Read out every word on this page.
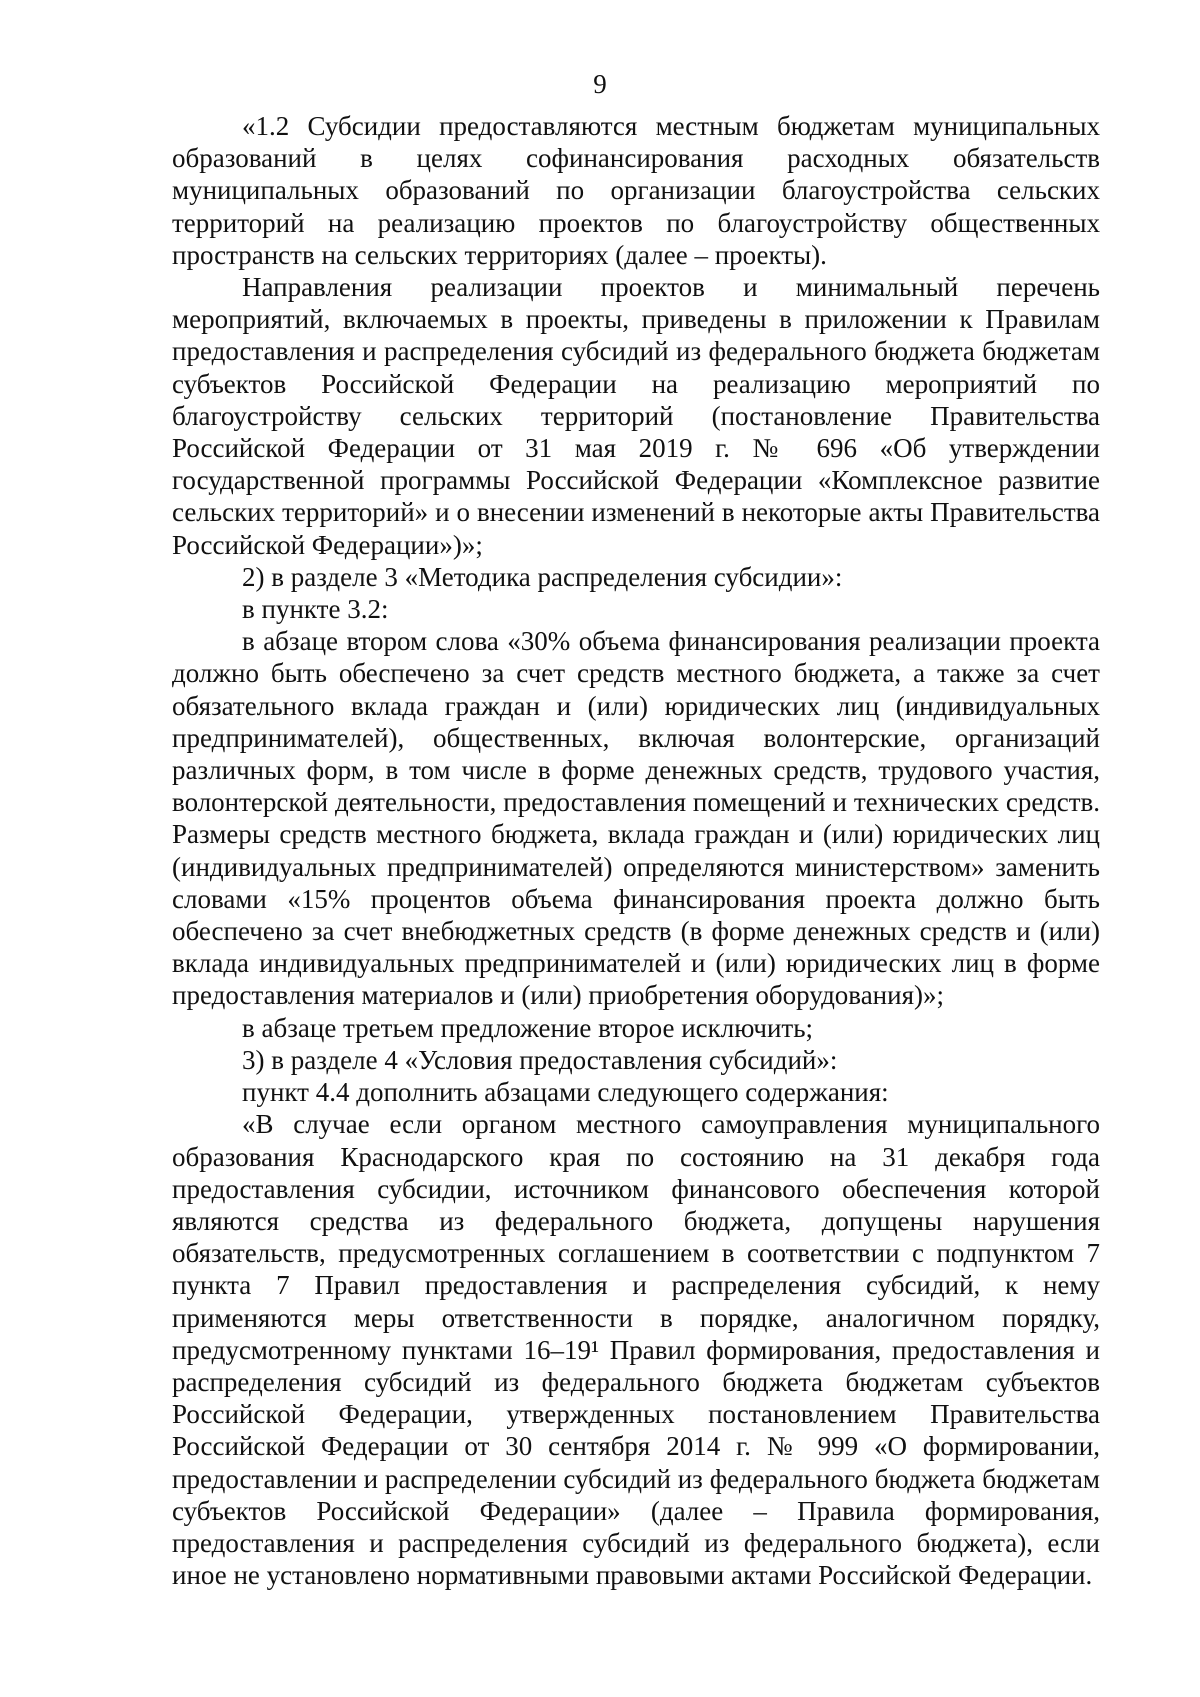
9

«1.2 Субсидии предоставляются местным бюджетам муниципальных образований в целях софинансирования расходных обязательств муниципальных образований по организации благоустройства сельских территорий на реализацию проектов по благоустройству общественных пространств на сельских территориях (далее – проекты).

Направления реализации проектов и минимальный перечень мероприятий, включаемых в проекты, приведены в приложении к Правилам предоставления и распределения субсидий из федерального бюджета бюджетам субъектов Российской Федерации на реализацию мероприятий по благоустройству сельских территорий (постановление Правительства Российской Федерации от 31 мая 2019 г. № 696 «Об утверждении государственной программы Российской Федерации «Комплексное развитие сельских территорий» и о внесении изменений в некоторые акты Правительства Российской Федерации»)»;

2) в разделе 3 «Методика распределения субсидии»:

в пункте 3.2:

в абзаце втором слова «30% объема финансирования реализации проекта должно быть обеспечено за счет средств местного бюджета, а также за счет обязательного вклада граждан и (или) юридических лиц (индивидуальных предпринимателей), общественных, включая волонтерские, организаций различных форм, в том числе в форме денежных средств, трудового участия, волонтерской деятельности, предоставления помещений и технических средств. Размеры средств местного бюджета, вклада граждан и (или) юридических лиц (индивидуальных предпринимателей) определяются министерством» заменить словами «15% процентов объема финансирования проекта должно быть обеспечено за счет внебюджетных средств (в форме денежных средств и (или) вклада индивидуальных предпринимателей и (или) юридических лиц в форме предоставления материалов и (или) приобретения оборудования)»;

в абзаце третьем предложение второе исключить;

3) в разделе 4 «Условия предоставления субсидий»:

пункт 4.4 дополнить абзацами следующего содержания:

«В случае если органом местного самоуправления муниципального образования Краснодарского края по состоянию на 31 декабря года предоставления субсидии, источником финансового обеспечения которой являются средства из федерального бюджета, допущены нарушения обязательств, предусмотренных соглашением в соответствии с подпунктом 7 пункта 7 Правил предоставления и распределения субсидий, к нему применяются меры ответственности в порядке, аналогичном порядку, предусмотренному пунктами 16–19¹ Правил формирования, предоставления и распределения субсидий из федерального бюджета бюджетам субъектов Российской Федерации, утвержденных постановлением Правительства Российской Федерации от 30 сентября 2014 г. № 999 «О формировании, предоставлении и распределении субсидий из федерального бюджета бюджетам субъектов Российской Федерации» (далее – Правила формирования, предоставления и распределения субсидий из федерального бюджета), если иное не установлено нормативными правовыми актами Российской Федерации.
